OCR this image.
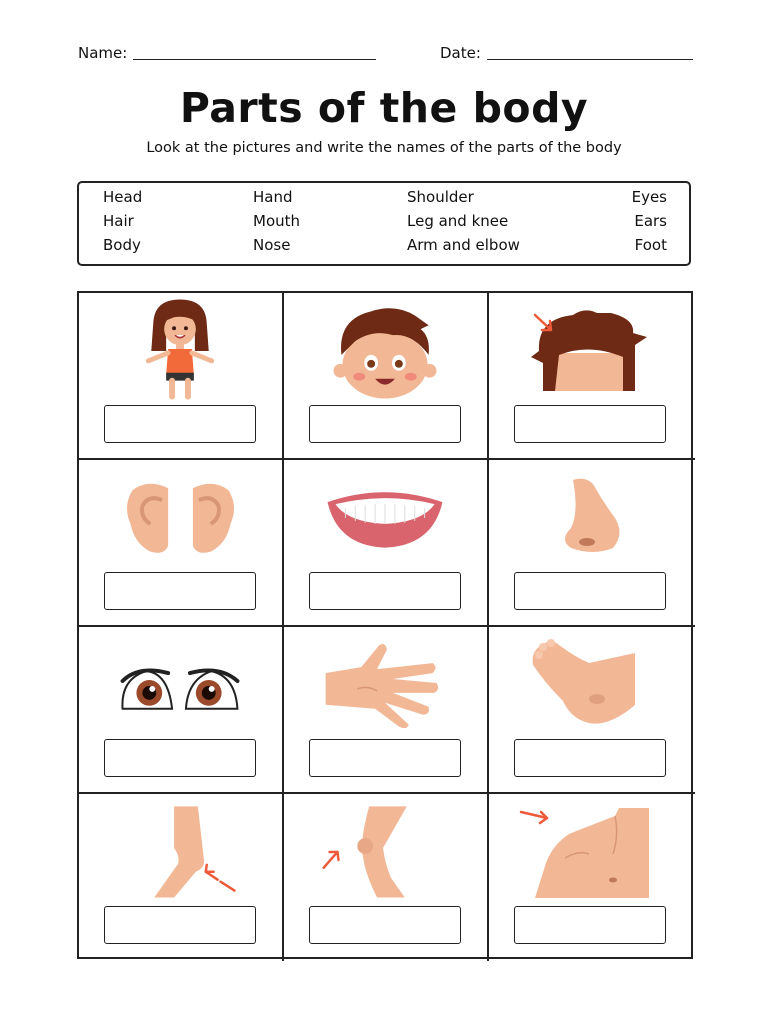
Name:	Date:
Parts of the body
Look at the pictures and write the names of the parts of the body
Head
Hair
Body
Hand
Mouth
Nose
Shoulder
Leg and knee
Arm and elbow
Eyes
Ears
Foot
